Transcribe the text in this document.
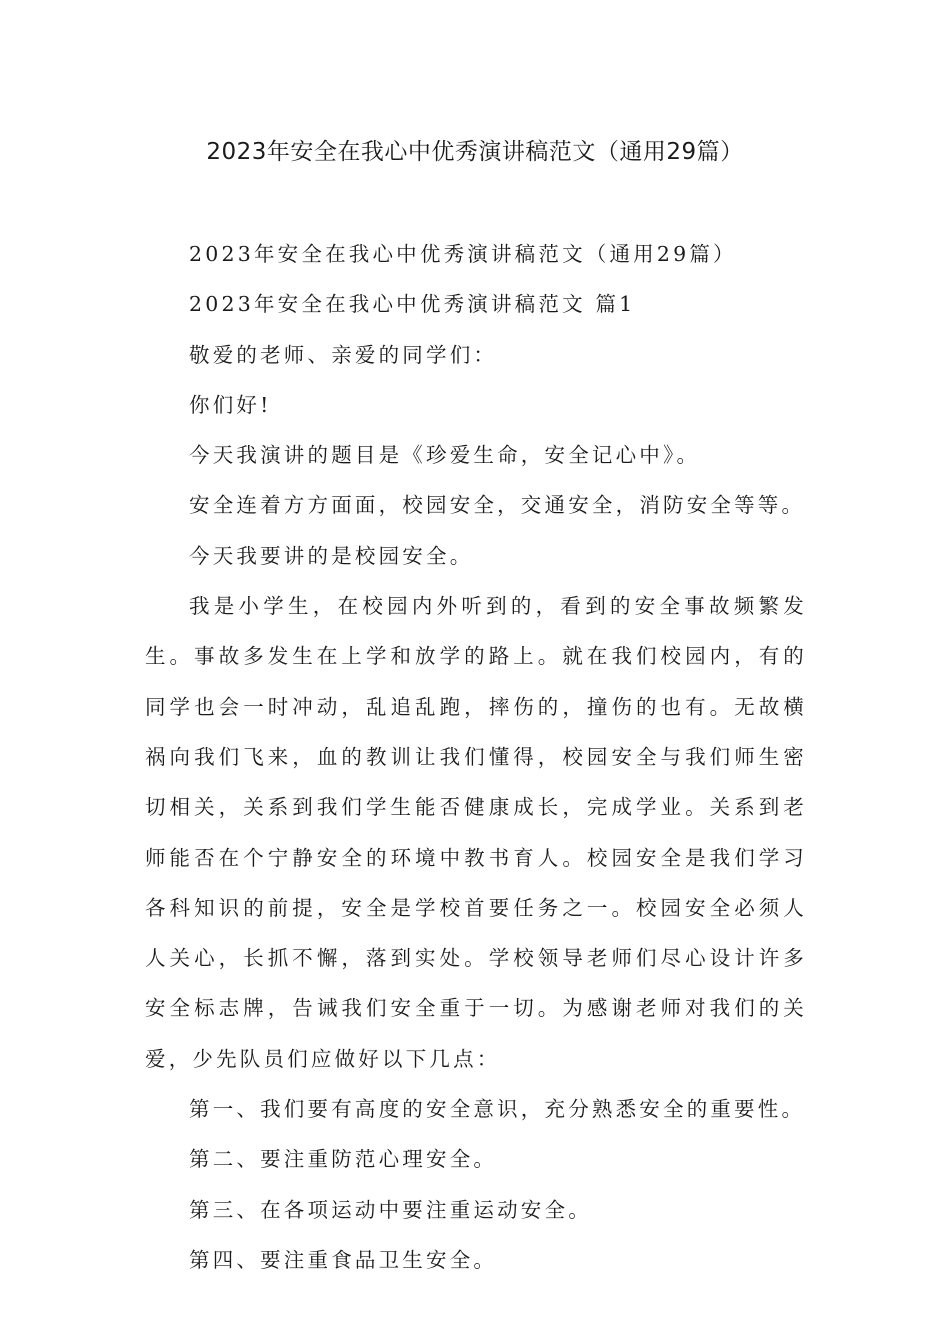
2023年安全在我心中优秀演讲稿范文（通用29篇）

2023年安全在我心中优秀演讲稿范文（通用29篇）

2023年安全在我心中优秀演讲稿范文 篇1

敬爱的老师、亲爱的同学们：

你们好!

今天我演讲的题目是《珍爱生命，安全记心中》。

安全连着方方面面，校园安全，交通安全，消防安全等等。

今天我要讲的是校园安全。

我是小学生，在校园内外听到的，看到的安全事故频繁发生。事故多发生在上学和放学的路上。就在我们校园内，有的同学也会一时冲动，乱追乱跑，摔伤的，撞伤的也有。无故横祸向我们飞来，血的教训让我们懂得，校园安全与我们师生密切相关，关系到我们学生能否健康成长，完成学业。关系到老师能否在个宁静安全的环境中教书育人。校园安全是我们学习各科知识的前提，安全是学校首要任务之一。校园安全必须人人关心，长抓不懈，落到实处。学校领导老师们尽心设计许多安全标志牌，告诫我们安全重于一切。为感谢老师对我们的关爱，少先队员们应做好以下几点：

第一、我们要有高度的安全意识，充分熟悉安全的重要性。

第二、要注重防范心理安全。

第三、在各项运动中要注重运动安全。

第四、要注重食品卫生安全。
